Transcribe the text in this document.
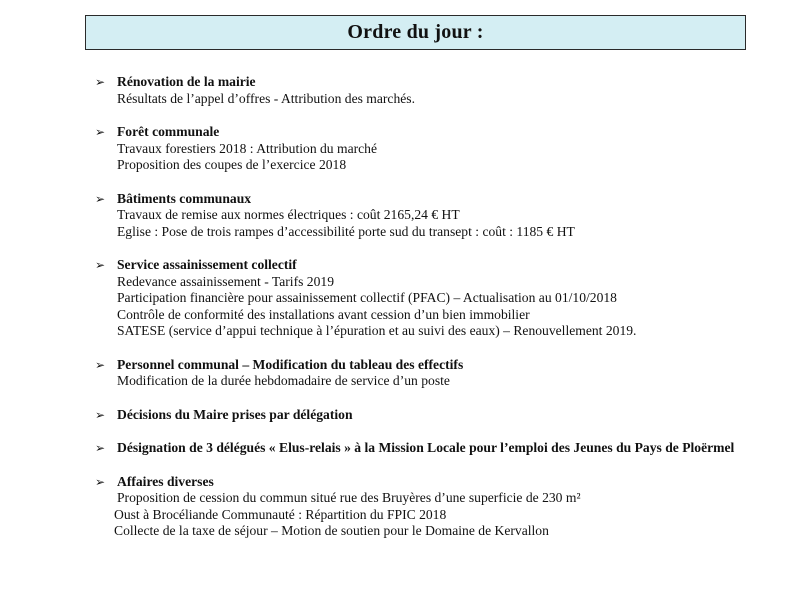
Ordre du jour :
➢ Rénovation de la mairie
Résultats de l’appel d’offres - Attribution des marchés.
➢ Forêt communale
Travaux forestiers 2018 : Attribution du marché
Proposition des coupes de l’exercice 2018
➢ Bâtiments communaux
Travaux de remise aux normes électriques : coût 2165,24 € HT
Eglise : Pose de trois rampes d’accessibilité porte sud du transept : coût : 1185 € HT
➢ Service assainissement collectif
Redevance assainissement - Tarifs 2019
Participation financière pour assainissement collectif (PFAC) – Actualisation au 01/10/2018
Contrôle de conformité des installations avant cession d’un bien immobilier
SATESE (service d’appui technique à l’épuration et au suivi des eaux) – Renouvellement 2019.
➢ Personnel communal – Modification du tableau des effectifs
Modification de la durée hebdomadaire de service d’un poste
➢ Décisions du Maire prises par délégation
➢ Désignation de 3 délégués « Elus-relais » à la Mission Locale pour l’emploi des Jeunes du Pays de Ploërmel
➢ Affaires diverses
Proposition de cession du commun situé rue des Bruyères d’une superficie de 230 m²
Oust à Brocéliande Communauté : Répartition du FPIC 2018
Collecte de la taxe de séjour – Motion de soutien pour le Domaine de Kervallon
